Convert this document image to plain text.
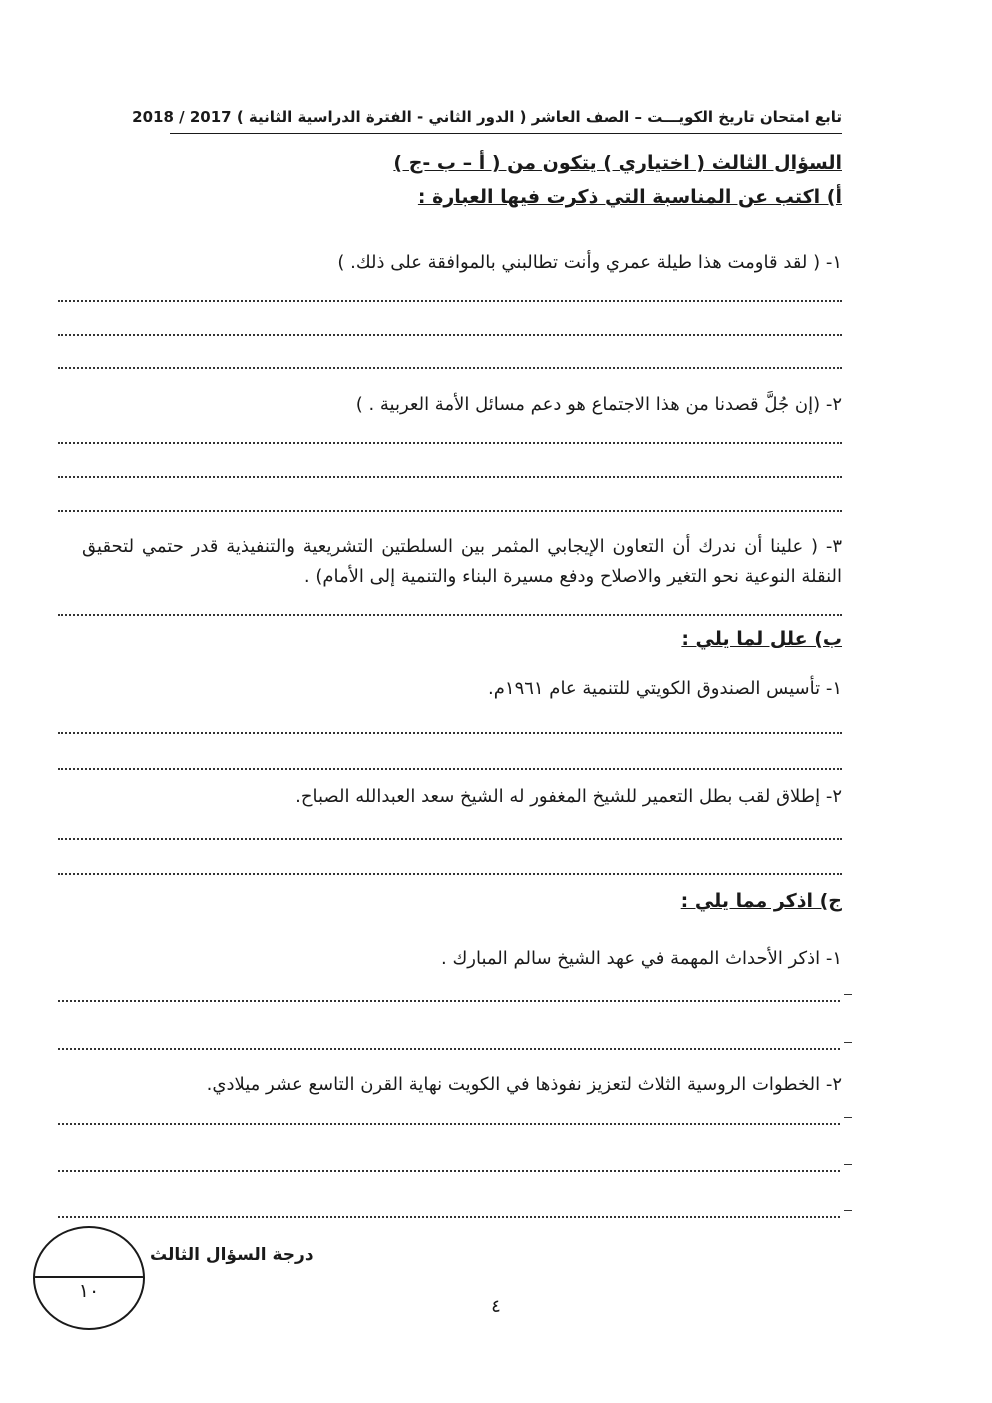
تابع امتحان تاريخ الكويـــت – الصف العاشر ( الدور الثاني - الفترة الدراسية الثانية ) 2017 / 2018
السؤال الثالث ( اختياري ) يتكون من ( أ – ب -ج )
أ) اكتب عن المناسبة التي ذكرت فيها العبارة :
١- ( لقد قاومت هذا طيلة عمري وأنت تطالبني بالموافقة على ذلك. )
٢- (إن جُلَّ قصدنا من هذا الاجتماع هو دعم مسائل الأمة العربية . )
٣- ( علينا أن ندرك أن التعاون الإيجابي المثمر بين السلطتين التشريعية والتنفيذية قدر حتمي لتحقيق النقلة النوعية نحو التغير والاصلاح ودفع مسيرة البناء والتنمية إلى الأمام) .
ب) علل لما يلي :
١- تأسيس الصندوق الكويتي للتنمية عام ١٩٦١م.
٢- إطلاق لقب بطل التعمير للشيخ المغفور له الشيخ سعد العبدالله الصباح.
ج) اذكر مما يلي :
١- اذكر الأحداث المهمة في عهد الشيخ سالم المبارك .
٢- الخطوات الروسية الثلاث لتعزيز نفوذها في الكويت نهاية القرن التاسع عشر ميلادي.
درجة السؤال الثالث
١٠
٤
